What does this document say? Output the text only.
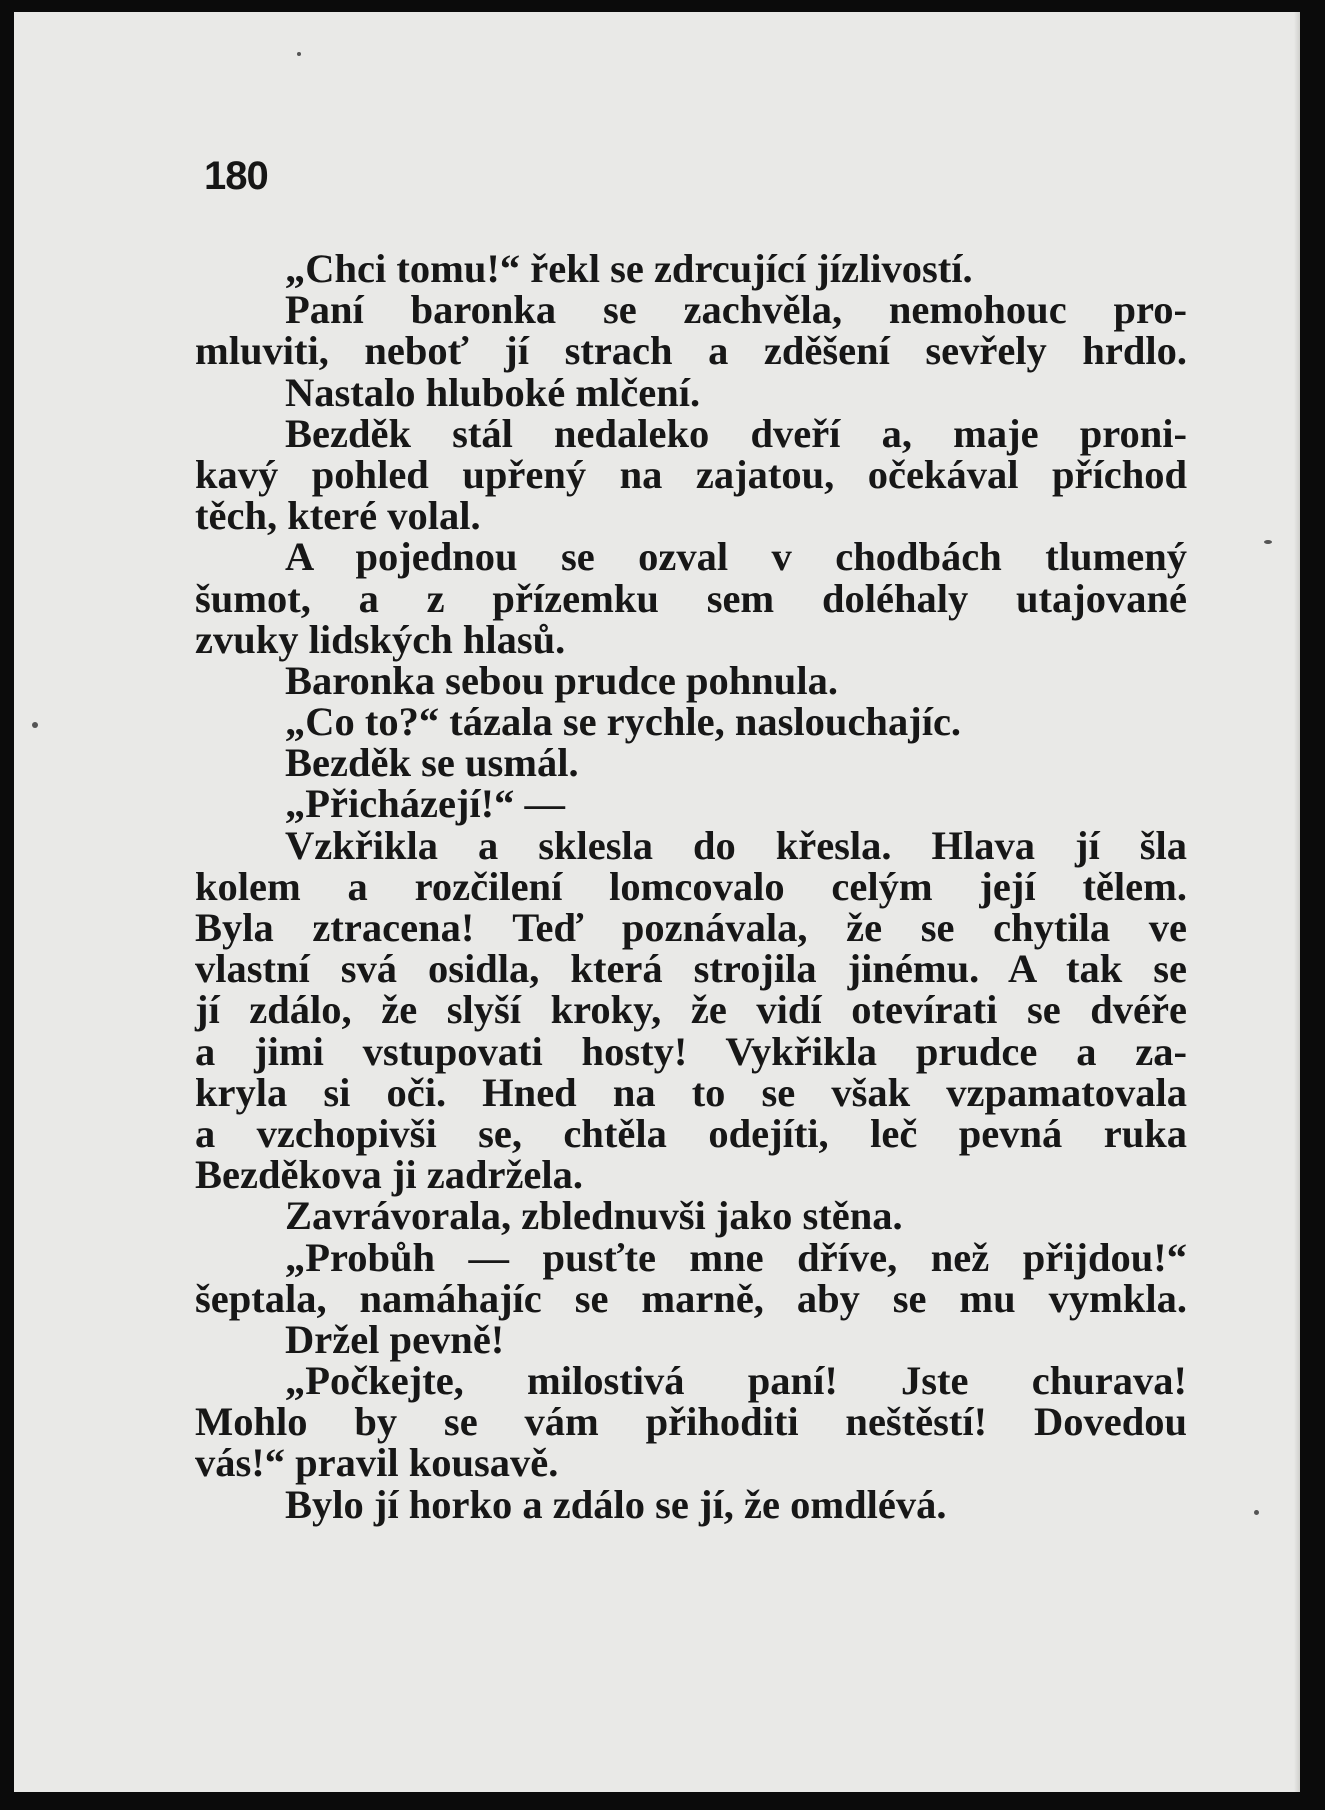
180
„Chci tomu!“ řekl se zdrcující jízlivostí.
Paní baronka se zachvěla, nemohouc pro-
mluviti, neboť jí strach a zděšení sevřely hrdlo.
Nastalo hluboké mlčení.
Bezděk stál nedaleko dveří a, maje proni-
kavý pohled upřený na zajatou, očekával příchod
těch, které volal.
A pojednou se ozval v chodbách tlumený
šumot, a z přízemku sem doléhaly utajované
zvuky lidských hlasů.
Baronka sebou prudce pohnula.
„Co to?“ tázala se rychle, naslouchajíc.
Bezděk se usmál.
„Přicházejí!“ —
Vzkřikla a sklesla do křesla. Hlava jí šla
kolem a rozčilení lomcovalo celým její tělem.
Byla ztracena! Teď poznávala, že se chytila ve
vlastní svá osidla, která strojila jinému. A tak se
jí zdálo, že slyší kroky, že vidí otevírati se dvéře
a jimi vstupovati hosty! Vykřikla prudce a za-
kryla si oči. Hned na to se však vzpamatovala
a vzchopivši se, chtěla odejíti, leč pevná ruka
Bezděkova ji zadržela.
Zavrávorala, zblednuvši jako stěna.
„Probůh — pusťte mne dříve, než přijdou!“
šeptala, namáhajíc se marně, aby se mu vymkla.
Držel pevně!
„Počkejte, milostivá paní! Jste churava!
Mohlo by se vám přihoditi neštěstí! Dovedou
vás!“ pravil kousavě.
Bylo jí horko a zdálo se jí, že omdlévá.
